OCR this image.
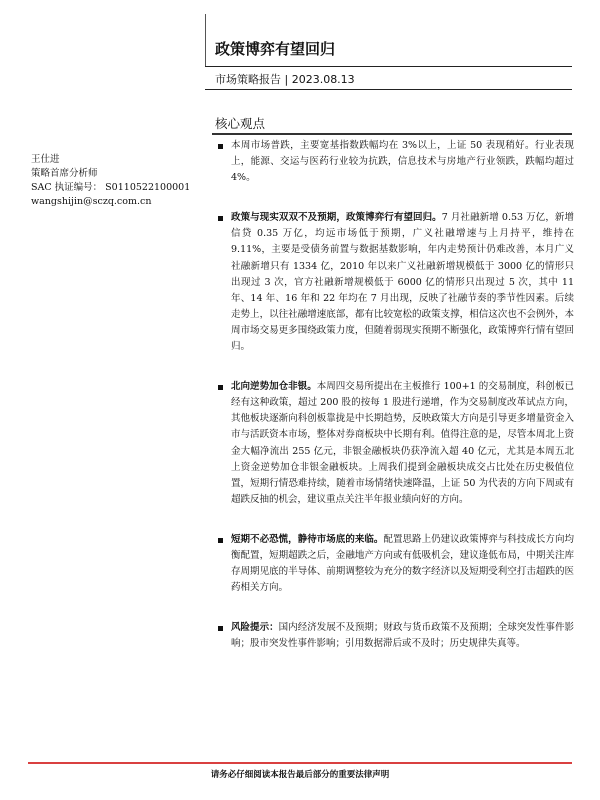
政策博弈有望回归
市场策略报告 | 2023.08.13
核心观点
王仕进
策略首席分析师
SAC 执证编号： S0110522100001
wangshijin@sczq.com.cn
本周市场普跌，主要宽基指数跌幅均在 3%以上，上证 50 表现稍好。行业表现上，能源、交运与医药行业较为抗跌，信息技术与房地产行业领跌，跌幅均超过 4%。
政策与现实双双不及预期，政策博弈行有望回归。7 月社融新增 0.53 万亿，新增信贷 0.35 万亿，均远市场低于预期，广义社融增速与上月持平，维持在 9.11%，主要是受债务前置与数据基数影响，年内走势预计仍难改善，本月广义社融新增只有 1334 亿，2010 年以来广义社融新增规模低于 3000 亿的情形只出现过 3 次，官方社融新增规模低于 6000 亿的情形只出现过 5 次，其中 11 年、14 年、16 年和 22 年均在 7 月出现，反映了社融节奏的季节性因素。后续走势上，以往社融增速底部，都有比较宽松的政策支撑，相信这次也不会例外，本周市场交易更多围绕政策力度，但随着弱现实预期不断强化，政策博弈行情有望回归。
北向逆势加仓非银。本周四交易所提出在主板推行 100+1 的交易制度，科创板已经有这种政策，超过 200 股的按每 1 股进行递增，作为交易制度改革试点方向，其他板块逐渐向科创板靠拢是中长期趋势，反映政策大方向是引导更多增量资金入市与活跃资本市场，整体对券商板块中长期有利。值得注意的是，尽管本周北上资金大幅净流出 255 亿元，非银金融板块仍获净流入超 40 亿元，尤其是本周五北上资金逆势加仓非银金融板块。上周我们提到金融板块成交占比处在历史极值位置，短期行情恐难持续，随着市场情绪快速降温，上证 50 为代表的方向下周或有超跌反抽的机会，建议重点关注半年报业绩向好的方向。
短期不必恐慌，静待市场底的来临。配置思路上仍建议政策博弈与科技成长方向均衡配置，短期超跌之后，金融地产方向或有低吸机会，建议逢低布局，中期关注库存周期见底的半导体、前期调整较为充分的数字经济以及短期受利空打击超跌的医药相关方向。
风险提示：国内经济发展不及预期；财政与货币政策不及预期；全球突发性事件影响；股市突发性事件影响；引用数据滞后或不及时；历史规律失真等。
请务必仔细阅读本报告最后部分的重要法律声明
